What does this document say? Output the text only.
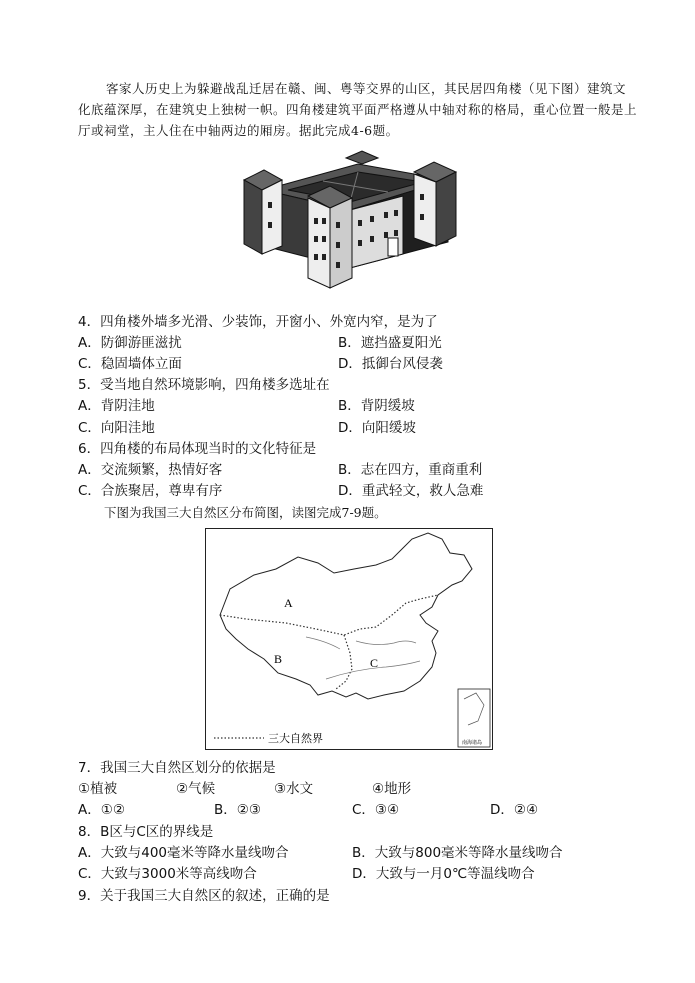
客家人历史上为躲避战乱迁居在赣、闽、粤等交界的山区，其民居四角楼（见下图）建筑文化底蕴深厚，在建筑史上独树一帜。四角楼建筑平面严格遵从中轴对称的格局，重心位置一般是上厅或祠堂，主人住在中轴两边的厢房。据此完成4-6题。
4．四角楼外墙多光滑、少装饰，开窗小、外宽内窄，是为了
A．防御游匪滋扰	B．遮挡盛夏阳光
C．稳固墙体立面	D．抵御台风侵袭
5．受当地自然环境影响，四角楼多选址在
A．背阴洼地	B．背阴缓坡
C．向阳洼地	D．向阳缓坡
6．四角楼的布局体现当时的文化特征是
A．交流频繁，热情好客	B．志在四方，重商重利
C．合族聚居，尊卑有序	D．重武轻文，救人急难
下图为我国三大自然区分布简图，读图完成7-9题。
A
B	C
南海诸岛
三大自然界
7．我国三大自然区划分的依据是
①植被	②气候	③水文	④地形
A．①②	B．②③	C．③④	D．②④
8．B区与C区的界线是
A．大致与400毫米等降水量线吻合	B．大致与800毫米等降水量线吻合
C．大致与3000米等高线吻合	D．大致与一月0℃等温线吻合
9．关于我国三大自然区的叙述，正确的是
